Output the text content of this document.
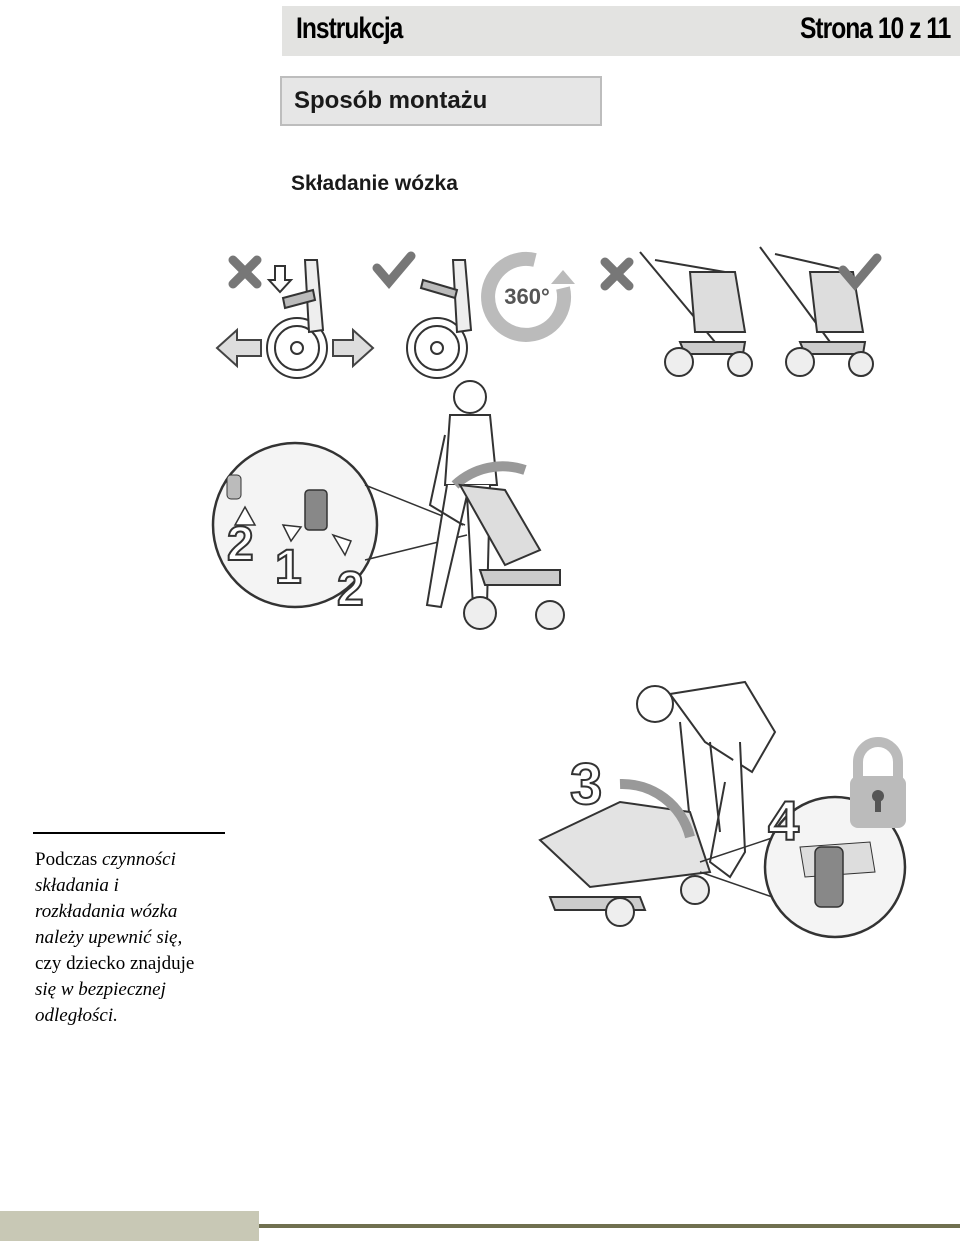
Instrukcja	Strona 10 z 11
Sposób montażu
Składanie wózka
360°
2 1 2
3
4
Podczas czynności
składania i
rozkładania wózka
należy upewnić się,
czy dziecko znajduje
się w bezpiecznej
odległości.
